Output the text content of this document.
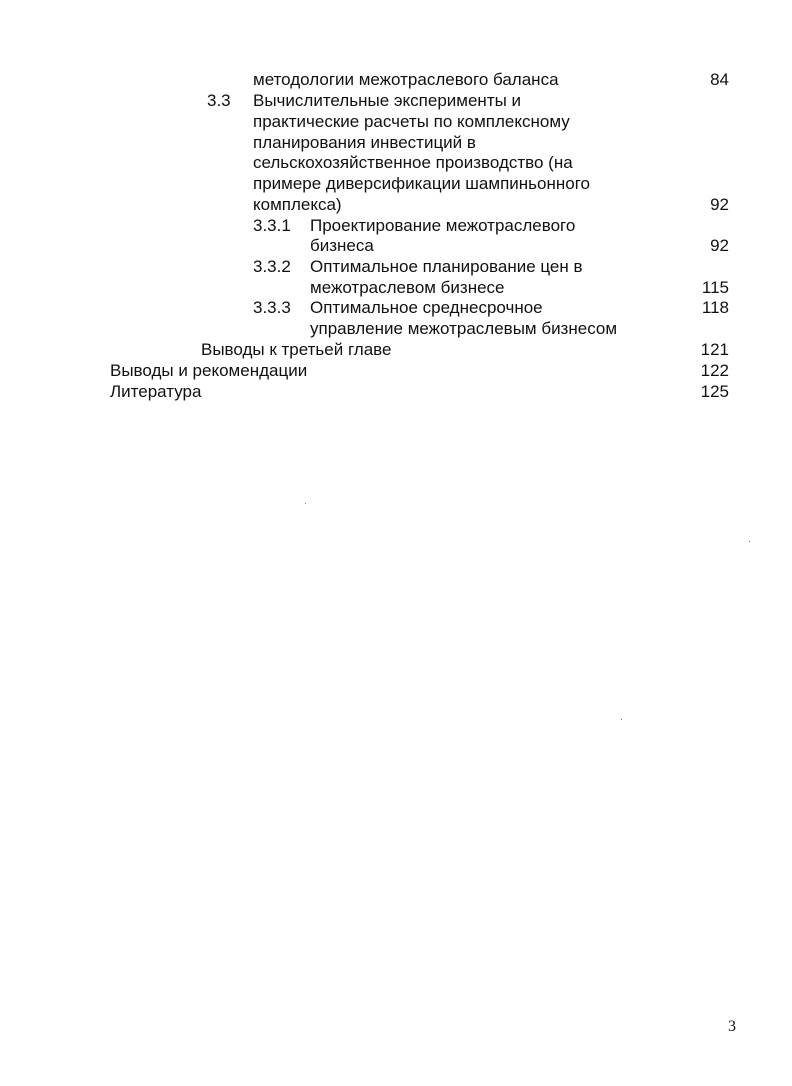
методологии межотраслевого баланса	84
3.3 Вычислительные эксперименты и
практические расчеты по комплексному
планирования инвестиций в
сельскохозяйственное производство (на
примере диверсификации шампиньонного
комплекса)	92
3.3.1 Проектирование межотраслевого
бизнеса	92
3.3.2 Оптимальное планирование цен в
межотраслевом бизнесе	115
3.3.3 Оптимальное среднесрочное	118
управление межотраслевым бизнесом
Выводы к третьей главе	121
Выводы и рекомендации	122
Литература	125
3
